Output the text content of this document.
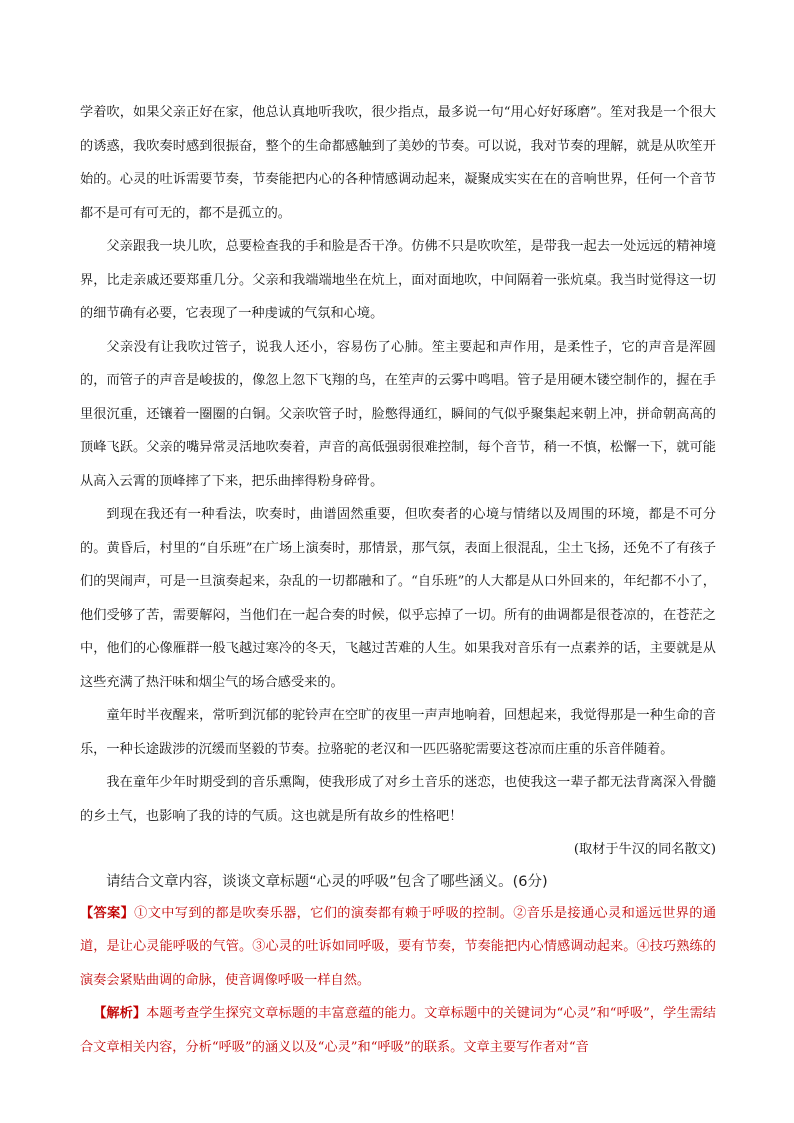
学着吹，如果父亲正好在家，他总认真地听我吹，很少指点，最多说一句“用心好好琢磨”。笙对我是一个很大的诱惑，我吹奏时感到很振奋，整个的生命都感触到了美妙的节奏。可以说，我对节奏的理解，就是从吹笙开始的。心灵的吐诉需要节奏，节奏能把内心的各种情感调动起来，凝聚成实实在在的音响世界，任何一个音节都不是可有可无的，都不是孤立的。

父亲跟我一块儿吹，总要检查我的手和脸是否干净。仿佛不只是吹吹笙，是带我一起去一处远远的精神境界，比走亲戚还要郑重几分。父亲和我端端地坐在炕上，面对面地吹，中间隔着一张炕桌。我当时觉得这一切的细节确有必要，它表现了一种虔诚的气氛和心境。

父亲没有让我吹过管子，说我人还小，容易伤了心肺。笙主要起和声作用，是柔性子，它的声音是浑圆的，而管子的声音是峻拔的，像忽上忽下飞翔的鸟，在笙声的云雾中鸣唱。管子是用硬木镂空制作的，握在手里很沉重，还镶着一圈圈的白铜。父亲吹管子时，脸憋得通红，瞬间的气似乎聚集起来朝上冲，拼命朝高高的顶峰飞跃。父亲的嘴异常灵活地吹奏着，声音的高低强弱很难控制，每个音节，稍一不慎，松懈一下，就可能从高入云霄的顶峰摔了下来，把乐曲摔得粉身碎骨。

到现在我还有一种看法，吹奏时，曲谱固然重要，但吹奏者的心境与情绪以及周围的环境，都是不可分的。黄昏后，村里的“自乐班”在广场上演奏时，那情景，那气氛，表面上很混乱，尘土飞扬，还免不了有孩子们的哭闹声，可是一旦演奏起来，杂乱的一切都融和了。“自乐班”的人大都是从口外回来的，年纪都不小了，他们受够了苦，需要解闷，当他们在一起合奏的时候，似乎忘掉了一切。所有的曲调都是很苍凉的，在苍茫之中，他们的心像雁群一般飞越过寒冷的冬天，飞越过苦难的人生。如果我对音乐有一点素养的话，主要就是从这些充满了热汗味和烟尘气的场合感受来的。

童年时半夜醒来，常听到沉郁的驼铃声在空旷的夜里一声声地响着，回想起来，我觉得那是一种生命的音乐，一种长途跋涉的沉缓而坚毅的节奏。拉骆驼的老汉和一匹匹骆驼需要这苍凉而庄重的乐音伴随着。

我在童年少年时期受到的音乐熏陶，使我形成了对乡土音乐的迷恋，也使我这一辈子都无法背离深入骨髓的乡土气，也影响了我的诗的气质。这也就是所有故乡的性格吧！

(取材于牛汉的同名散文)

请结合文章内容，谈谈文章标题“心灵的呼吸”包含了哪些涵义。(6分)

【答案】①文中写到的都是吹奏乐器，它们的演奏都有赖于呼吸的控制。②音乐是接通心灵和遥远世界的通道，是让心灵能呼吸的气管。③心灵的吐诉如同呼吸，要有节奏，节奏能把内心情感调动起来。④技巧熟练的演奏会紧贴曲调的命脉，使音调像呼吸一样自然。

【解析】本题考查学生探究文章标题的丰富意蕴的能力。文章标题中的关键词为“心灵”和“呼吸”，学生需结合文章相关内容，分析“呼吸”的涵义以及“心灵”和“呼吸”的联系。文章主要写作者对“音
